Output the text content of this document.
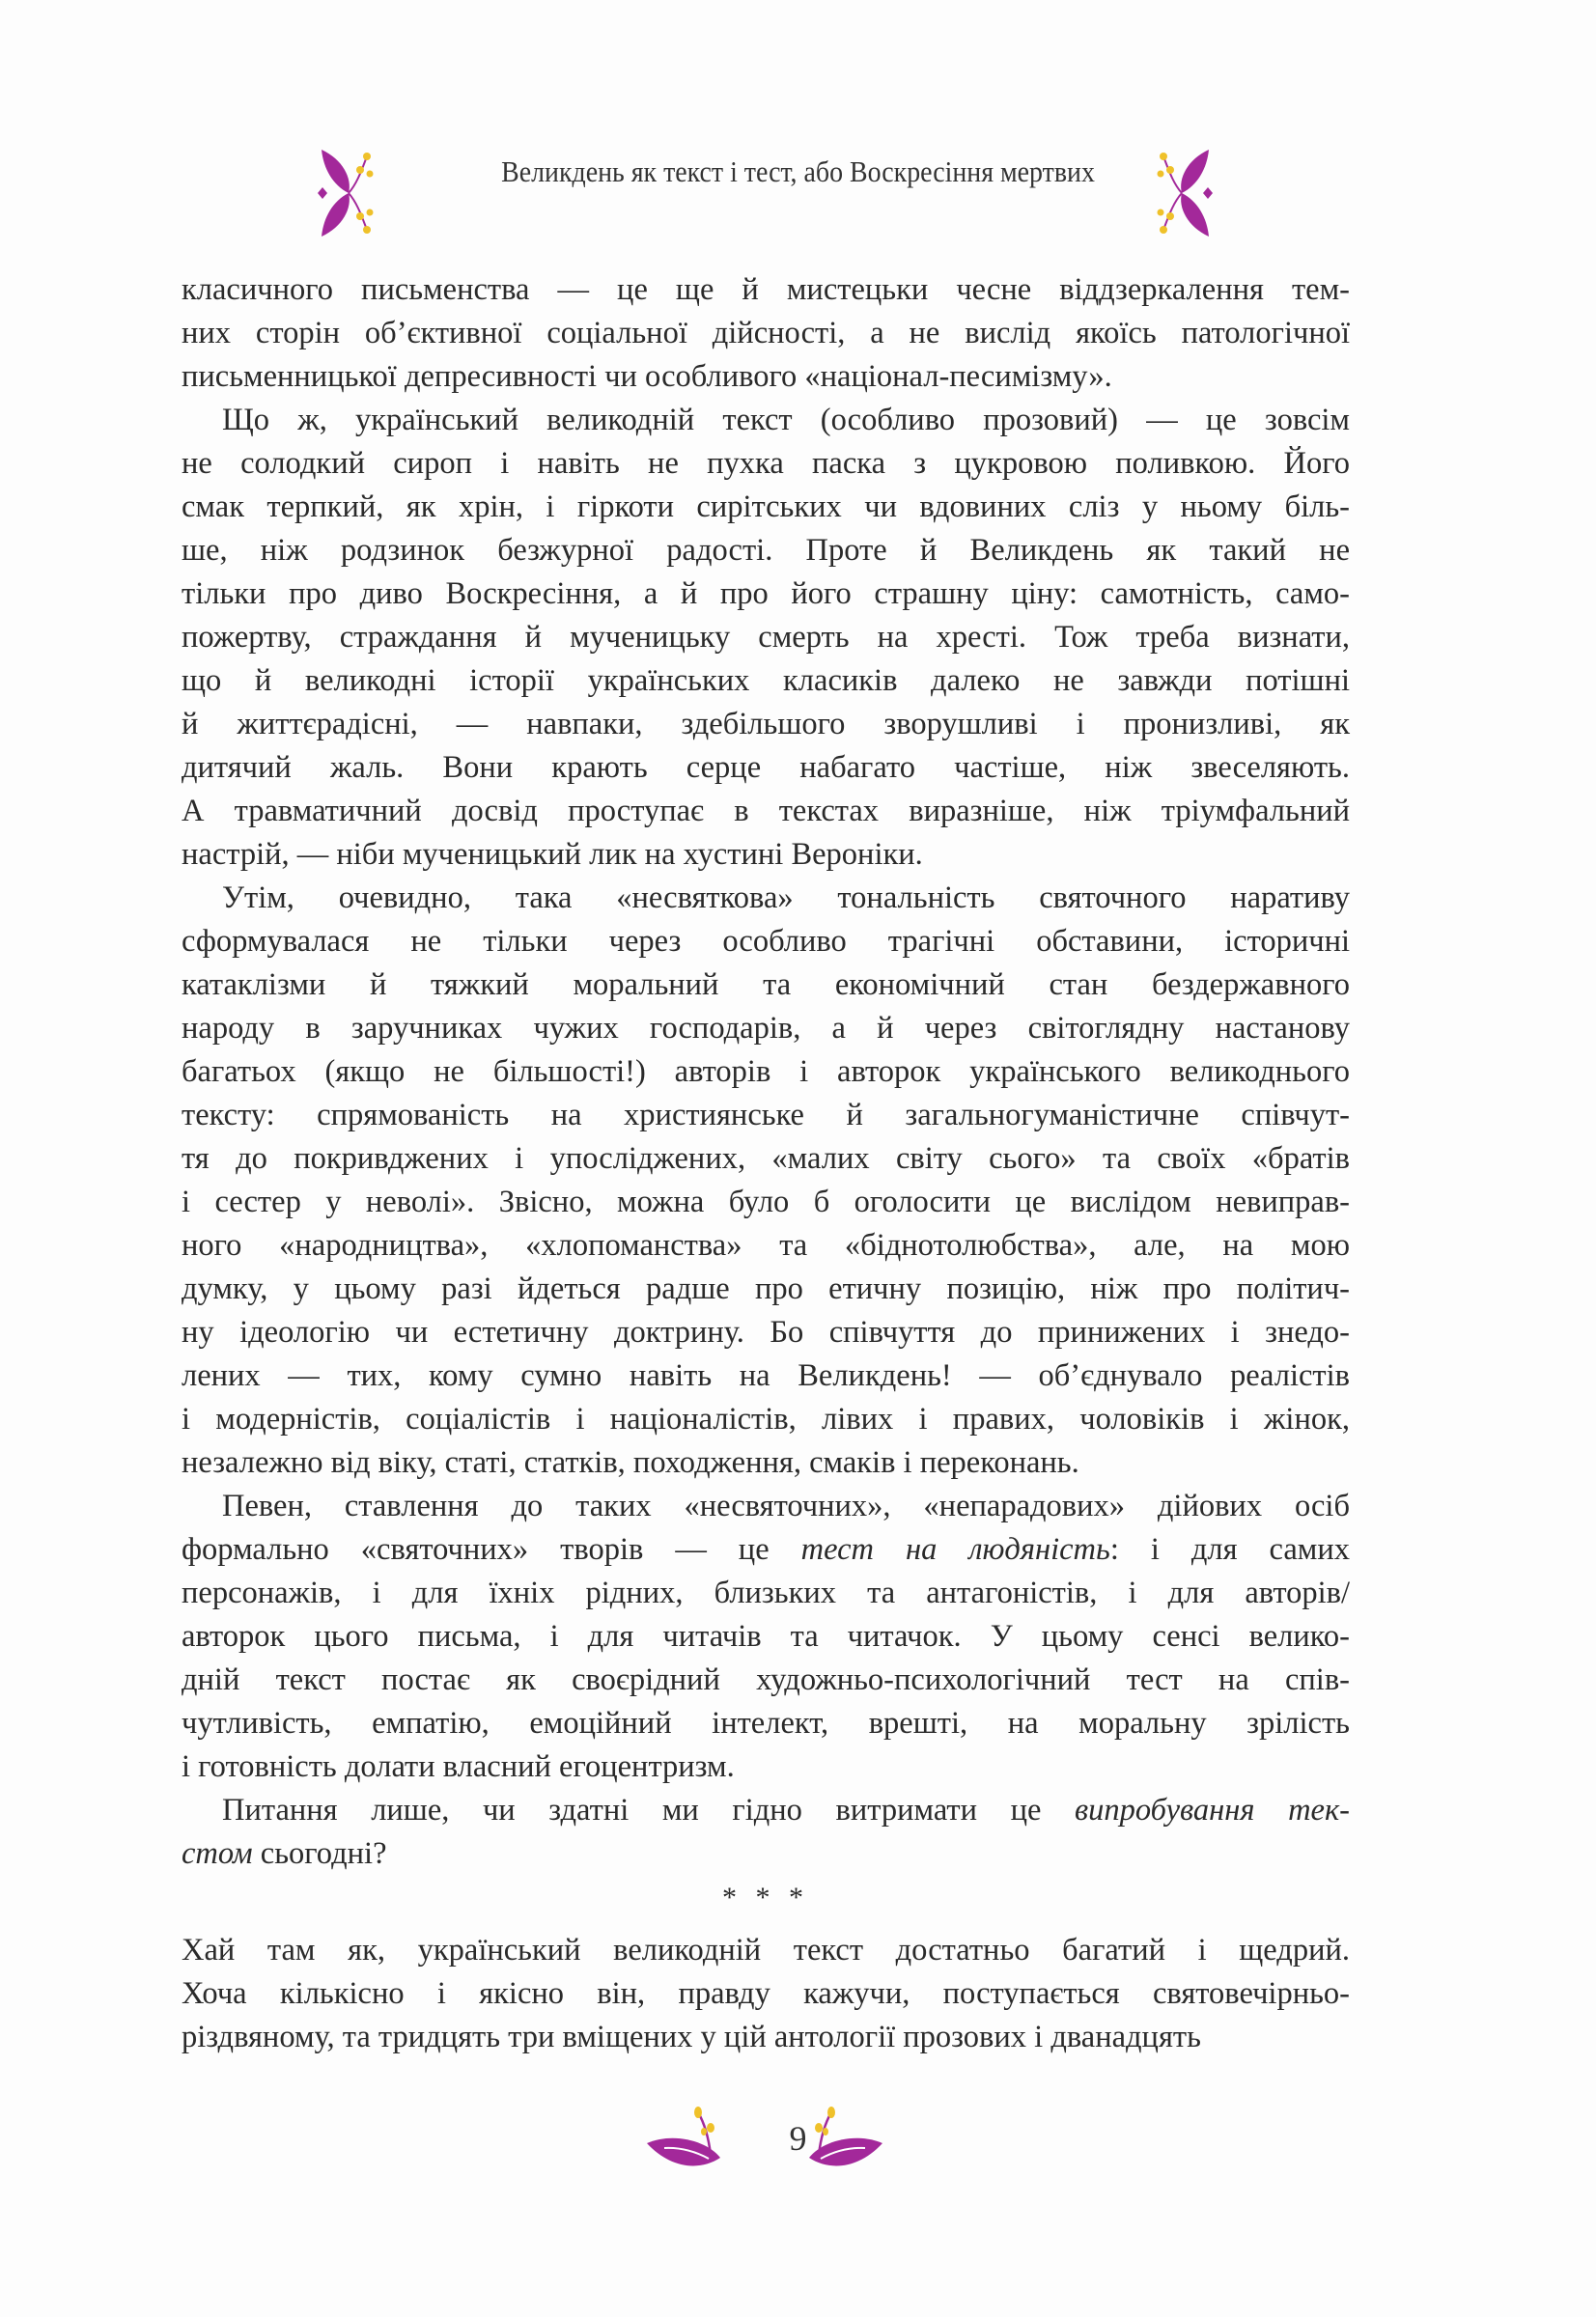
Великдень як текст і тест, або Воскресіння мертвих
класичного письменства — це ще й мистецьки чесне віддзеркалення тем-
них сторін об’єктивної соціальної дійсності, а не вислід якоїсь патологічної
письменницької депресивності чи особливого «націонал-песимізму».
Що ж, український великодній текст (особливо прозовий) — це зовсім
не солодкий сироп і навіть не пухка паска з цукровою поливкою. Його
смак терпкий, як хрін, і гіркоти сирітських чи вдовиних сліз у ньому біль-
ше, ніж родзинок безжурної радості. Проте й Великдень як такий не
тільки про диво Воскресіння, а й про його страшну ціну: самотність, само-
пожертву, страждання й мученицьку смерть на хресті. Тож треба визнати,
що й великодні історії українських класиків далеко не завжди потішні
й життєрадісні, — навпаки, здебільшого зворушливі і пронизливі, як
дитячий жаль. Вони крають серце набагато частіше, ніж звеселяють.
А травматичний досвід проступає в текстах виразніше, ніж тріумфальний
настрій, — ніби мученицький лик на хустині Вероніки.
Утім, очевидно, така «несвяткова» тональність святочного наративу
сформувалася не тільки через особливо трагічні обставини, історичні
катаклізми й тяжкий моральний та економічний стан бездержавного
народу в заручниках чужих господарів, а й через світоглядну настанову
багатьох (якщо не більшості!) авторів і авторок українського великоднього
тексту: спрямованість на християнське й загальногуманістичне співчут-
тя до покривджених і упосліджених, «малих світу сього» та своїх «братів
і сестер у неволі». Звісно, можна було б оголосити це вислідом невиправ-
ного «народництва», «хлопоманства» та «біднотолюбства», але, на мою
думку, у цьому разі йдеться радше про етичну позицію, ніж про політич-
ну ідеологію чи естетичну доктрину. Бо співчуття до принижених і знедо-
лених — тих, кому сумно навіть на Великдень! — об’єднувало реалістів
і модерністів, соціалістів і націоналістів, лівих і правих, чоловіків і жінок,
незалежно від віку, статі, статків, походження, смаків і переконань.
Певен, ставлення до таких «несвяточних», «непарадових» дійових осіб
формально «святочних» творів — це тест на людяність: і для самих
персонажів, і для їхніх рідних, близьких та антагоністів, і для авторів/
авторок цього письма, і для читачів та читачок. У цьому сенсі велико-
дній текст постає як своєрідний художньо-психологічний тест на спів-
чутливість, емпатію, емоційний інтелект, врешті, на моральну зрілість
і готовність долати власний егоцентризм.
Питання лише, чи здатні ми гідно витримати це випробування тек-
стом сьогодні?
* * *
Хай там як, український великодній текст достатньо багатий і щедрий.
Хоча кількісно і якісно він, правду кажучи, поступається святовечірньо-
різдвяному, та тридцять три вміщених у цій антології прозових і дванадцять
9
